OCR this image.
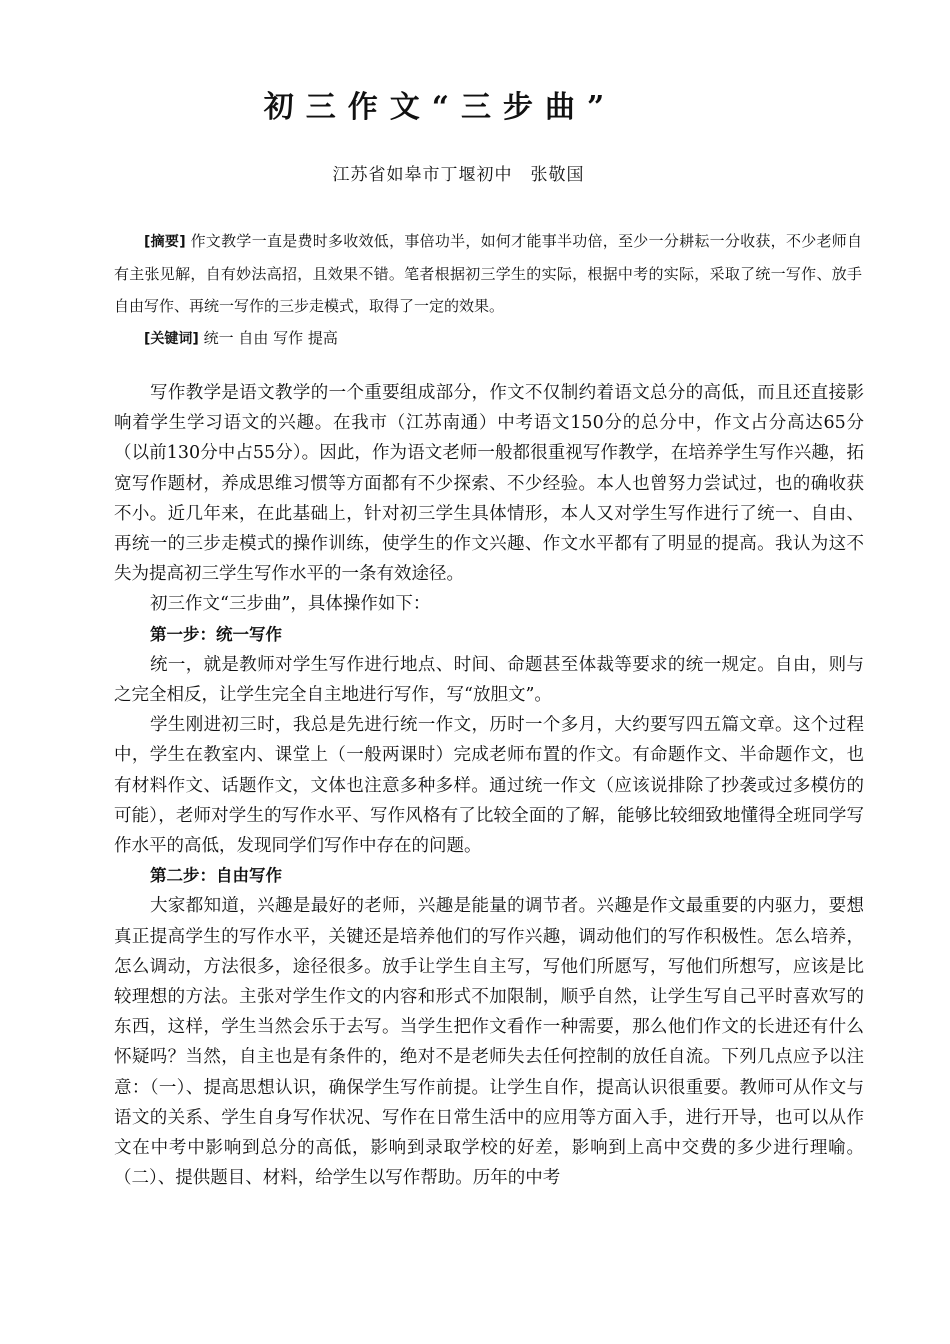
初三作文“三步曲”
江苏省如皋市丁堰初中　张敬国

[摘要] 作文教学一直是费时多收效低，事倍功半，如何才能事半功倍，至少一分耕耘一分收获，不少老师自有主张见解，自有妙法高招，且效果不错。笔者根据初三学生的实际，根据中考的实际，采取了统一写作、放手自由写作、再统一写作的三步走模式，取得了一定的效果。

[关键词] 统一 自由 写作 提高

写作教学是语文教学的一个重要组成部分，作文不仅制约着语文总分的高低，而且还直接影响着学生学习语文的兴趣。在我市（江苏南通）中考语文150分的总分中，作文占分高达65分（以前130分中占55分）。因此，作为语文老师一般都很重视写作教学，在培养学生写作兴趣，拓宽写作题材，养成思维习惯等方面都有不少探索、不少经验。本人也曾努力尝试过，也的确收获不小。近几年来，在此基础上，针对初三学生具体情形，本人又对学生写作进行了统一、自由、再统一的三步走模式的操作训练，使学生的作文兴趣、作文水平都有了明显的提高。我认为这不失为提高初三学生写作水平的一条有效途径。

初三作文“三步曲”，具体操作如下：

第一步：统一写作

统一，就是教师对学生写作进行地点、时间、命题甚至体裁等要求的统一规定。自由，则与之完全相反，让学生完全自主地进行写作，写“放胆文”。

学生刚进初三时，我总是先进行统一作文，历时一个多月，大约要写四五篇文章。这个过程中，学生在教室内、课堂上（一般两课时）完成老师布置的作文。有命题作文、半命题作文，也有材料作文、话题作文，文体也注意多种多样。通过统一作文（应该说排除了抄袭或过多模仿的可能），老师对学生的写作水平、写作风格有了比较全面的了解，能够比较细致地懂得全班同学写作水平的高低，发现同学们写作中存在的问题。

第二步：自由写作

大家都知道，兴趣是最好的老师，兴趣是能量的调节者。兴趣是作文最重要的内驱力，要想真正提高学生的写作水平，关键还是培养他们的写作兴趣，调动他们的写作积极性。怎么培养，怎么调动，方法很多，途径很多。放手让学生自主写，写他们所愿写，写他们所想写，应该是比较理想的方法。主张对学生作文的内容和形式不加限制，顺乎自然，让学生写自己平时喜欢写的东西，这样，学生当然会乐于去写。当学生把作文看作一种需要，那么他们作文的长进还有什么怀疑吗？当然，自主也是有条件的，绝对不是老师失去任何控制的放任自流。下列几点应予以注意：（一）、提高思想认识，确保学生写作前提。让学生自作，提高认识很重要。教师可从作文与语文的关系、学生自身写作状况、写作在日常生活中的应用等方面入手，进行开导，也可以从作文在中考中影响到总分的高低，影响到录取学校的好差，影响到上高中交费的多少进行理喻。（二）、提供题目、材料，给学生以写作帮助。历年的中考
